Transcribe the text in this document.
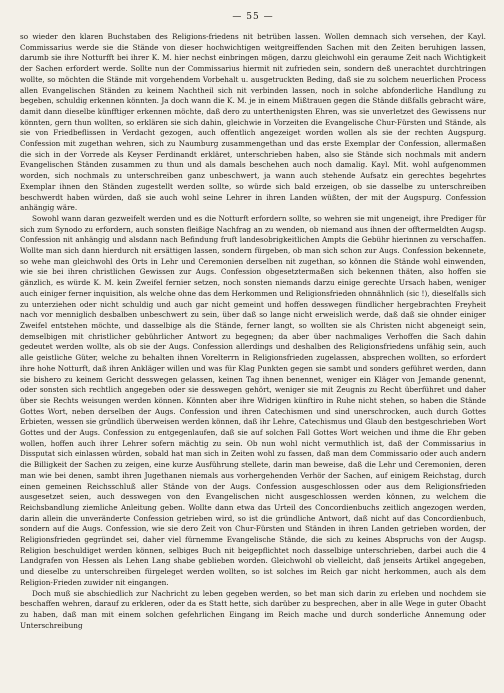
— 55 —

so wieder den klaren Buchstaben des Religions-friedens nit betrüben lassen. Wollen demnach sich versehen, der Kayl. Commissarius werde sie die Stände von dieser hochwichtigen weitgreiffenden Sachen mit den Zeiten beruhigen lassen, darumb sie ihre Notturfft bei ihrer K. M. hier nechst einbringen mögen, darzu gleichwohl ein geraume Zeit nach Wichtigkeit der Sachen erfordert werde. Sollte nun der Commissarius hiermit nit zufrieden sein, sondern deß unerachtet durchtringen wollte, so möchten die Stände mit vorgehendem Vorbehalt u. ausgetruckten Beding, daß sie zu solchem neuerlichen Process allen Evangelischen Ständen zu keinem Nachtheil sich nit verbinden lassen, noch in solche abfonderliche Handlung zu begeben, schuldig erkennen könnten. Ja doch wann die K. M. je in einem Mißtrauen gegen die Stände dißfalls gebracht wäre, damit dann dieselbe künfftiger erkennen möchte, daß dero zu unterthenigsten Ehren, was sie unverletzet des Gewissens nur könnten, gern thun wollten, so erklären sie sich dahin, gleichwie in Vorzeiten die Evangelische Chur-Fürsten und Stände, als sie von Friedbeflissen in Verdacht gezogen, auch offentlich angezeiget worden wollen als sie der rechten Augspurg. Confession mit zugethan wehren, sich zu Naumburg zusammengethan und das erste Exemplar der Confession, allermaßen die sich in der Vorrede als Keyser Ferdinandt erkläret, unterschrieben haben, also sie Stände sich nochmals mit andern Evangelischen Ständen zusammen zu thun und als damals beschehen auch noch damalig. Kayl. Mit. wohl aufgenommen worden, sich nochmals zu unterschreiben ganz unbeschwert, ja wann auch stehende Aufsatz ein gerechtes begehrtes Exemplar ihnen den Ständen zugestellt werden sollte, so würde sich bald erzeigen, ob sie dasselbe zu unterschreiben beschwerdt haben würden, daß sie auch wohl seine Lehrer in ihren Landen wüßten, der mit der Augspurg. Confession anhängig wäre.

Sowohl wann daran gezweifelt werden und es die Notturft erfordern sollte, so wehren sie mit ungeneigt, ihre Prediger für sich zum Synodo zu erfordern, auch sonsten fleißige Nachfrag an zu wenden, ob niemand aus ihnen der offtermeldten Augsp. Confession nit anhängig und alsdann nach Befindung fruft landesobrigkeitlichen Ampts die Gebühr hierinnen zu verschaffen. Wollte man sich dann hierdurch nit ersättigen lassen, sondern fürgeben, ob man sich schon zur Augs. Confession bekennete, so wehe man gleichwohl des Orts in Lehr und Ceremonien derselben nit zugethan, so können die Stände wohl einwenden, wie sie bei ihren christlichen Gewissen zur Augs. Confession obgesetztermaßen sich bekennen thäten, also hoffen sie gänzlich, es würde K. M. kein Zweifel fernier setzen, noch sonsten niemands darzu einige gerechte Ursach haben, weniger auch einiger ferner inquisition, als welche ohne das dem Herkommen und Religionsfrieden ohnnähnlich (sic !), dieselfalls sich zu unterziehen oder nicht schuldig und auch gar nicht gemeint und hoffen desswegen fündlicher hergebrachten Freyheit nach vor menniglich desbalben unbeschwert zu sein, über daß so lange nicht erweislich werde, daß daß sie ohnder einiger Zweifel entstehen möchte, und dasselbige als die Stände, ferner langt, so wollten sie als Christen nicht abgeneigt sein, demselbigen mit christlicher gebührlicher Antwort zu begegnen; da aber über nachmaliges Verhoffen die Sach dahin gedeutet werden wollte, als ob sie der Augs. Confession allerdings und deshalben des Religionsfriedens unfähig sein, auch alle geistliche Güter, welche zu behalten ihnen Vorelterrn in Religionsfrieden zugelassen, absprechen wollten, so erfordert ihre hohe Notturft, daß ihren Ankläger willen und was für Klag Punkten gegen sie sambt und sonders geführet werden, dann sie bishero zu keinem Gericht desswegen gelassen, keinen Tag ihnen benennet, weniger ein Kläger von Jemande genennt, oder sonsten sich rechtlich angegeben oder sie desswegen gehört, weniger sie mit Zeugnis zu Recht überführet und daher über sie Rechts weisungen werden können. Könnten aber ihre Widrigen künftiro in Ruhe nicht stehen, so haben die Stände Gottes Wort, neben derselben der Augs. Confession und ihren Catechismen und sind unerschrocken, auch durch Gottes Erbieten, wessen sie gründlich überweisen werden können, daß ihr Lehre, Catechismus und Glaub den bestgeschrieben Wort Gottes und der Augs. Confession zu entgegenlaufen, daß sie auf solchen Fall Gottes Wort weichen und ihme die Ehr geben wollen, hoffen auch ihrer Lehrer sofern mächtig zu sein. Ob nun wohl nicht vermuthlich ist, daß der Commissarius in Dissputat sich einlassen würden, sobald hat man sich in Zeiten wohl zu fassen, daß man dem Commissario oder auch andern die Billigkeit der Sachen zu zeigen, eine kurze Ausführung stellete, darin man beweise, daß die Lehr und Ceremonien, deren man wie bei denen, sambt ihren Jugethanen niemals aus vorhergehenden Verhör der Sachen, auf einigem Reichstag, durch einen gemeinen Reichsschluß aller Stände von der Augs. Confession ausgeschlossen oder aus dem Religionsfrieden ausgesetzet seien, auch desswegen von den Evangelischen nicht ausgeschlossen werden können, zu welchem die Reichsbandlung ziemliche Anleitung geben. Wollte dann etwa das Urteil des Concordienbuchs zeitlich angezogen werden, darin allein die unveränderte Confession getrieben wird, so ist die gründliche Antwort, daß nicht auf das Concordienbuch, sondern auf die Augs. Confession, wie sie dero Zeit von Chur-Fürsten und Ständen in ihren Landen getrieben worden, der Religionsfrieden gegründet sei, daher viel fürnemme Evangelische Stände, die sich zu keines Abspruchs von der Augsp. Religion beschuldiget werden können, selbiges Buch nit beigepflichtet noch dasselbige unterschrieben, darbei auch die 4 Landgrafen von Hessen als Lehen Lang shabe geblieben worden. Gleichwohl ob vielleicht, daß jenseits Artikel angegeben, und dieselbe zu unterschreiben fürgeleget werden wollten, so ist solches im Reich gar nicht herkommen, auch als dem Religion-Frieden zuwider nit eingangen.

Doch muß sie abschiedlich zur Nachricht zu leben gegeben werden, so bet man sich darin zu erleben und nochdem sie beschaffen wehren, darauf zu erkleren, oder da es Statt hette, sich darüber zu besprechen, aber in alle Wege in guter Obacht zu haben, daß man mit einem solchen gefehrlichen Eingang im Reich mache und durch sonderliche Annemung oder Unterschreibung
